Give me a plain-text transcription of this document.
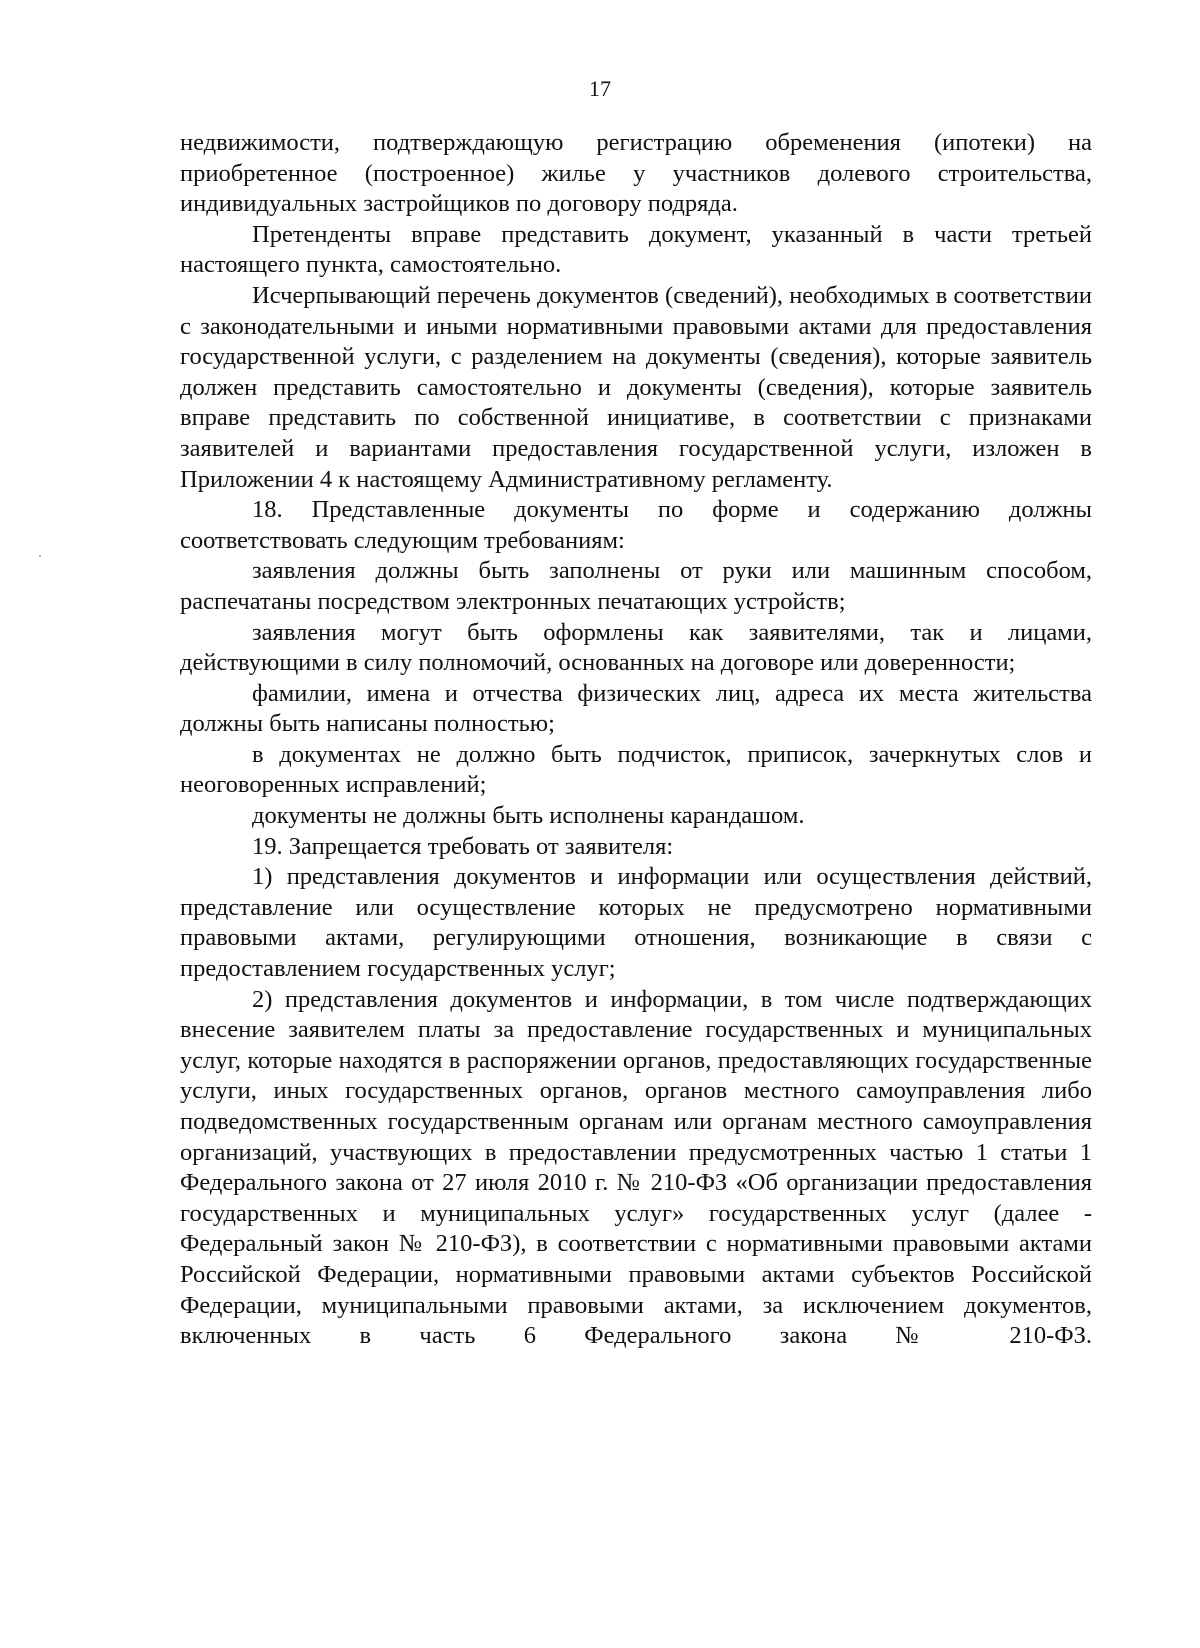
17

недвижимости, подтверждающую регистрацию обременения (ипотеки) на приобретенное (построенное) жилье у участников долевого строительства, индивидуальных застройщиков по договору подряда.

Претенденты вправе представить документ, указанный в части третьей настоящего пункта, самостоятельно.

Исчерпывающий перечень документов (сведений), необходимых в соответствии с законодательными и иными нормативными правовыми актами для предоставления государственной услуги, с разделением на документы (сведения), которые заявитель должен представить самостоятельно и документы (сведения), которые заявитель вправе представить по собственной инициативе, в соответствии с признаками заявителей и вариантами предоставления государственной услуги, изложен в Приложении 4 к настоящему Административному регламенту.

18. Представленные документы по форме и содержанию должны соответствовать следующим требованиям:

заявления должны быть заполнены от руки или машинным способом, распечатаны посредством электронных печатающих устройств;

заявления могут быть оформлены как заявителями, так и лицами, действующими в силу полномочий, основанных на договоре или доверенности;

фамилии, имена и отчества физических лиц, адреса их места жительства должны быть написаны полностью;

в документах не должно быть подчисток, приписок, зачеркнутых слов и неоговоренных исправлений;

документы не должны быть исполнены карандашом.

19. Запрещается требовать от заявителя:

1) представления документов и информации или осуществления действий, представление или осуществление которых не предусмотрено нормативными правовыми актами, регулирующими отношения, возникающие в связи с предоставлением государственных услуг;

2) представления документов и информации, в том числе подтверждающих внесение заявителем платы за предоставление государственных и муниципальных услуг, которые находятся в распоряжении органов, предоставляющих государственные услуги, иных государственных органов, органов местного самоуправления либо подведомственных государственным органам или органам местного самоуправления организаций, участвующих в предоставлении предусмотренных частью 1 статьи 1 Федерального закона от 27 июля 2010 г. № 210-ФЗ «Об организации предоставления государственных и муниципальных услуг» государственных услуг (далее - Федеральный закон № 210-ФЗ), в соответствии с нормативными правовыми актами Российской Федерации, нормативными правовыми актами субъектов Российской Федерации, муниципальными правовыми актами, за исключением документов, включенных в часть 6 Федерального закона № 210-ФЗ.
